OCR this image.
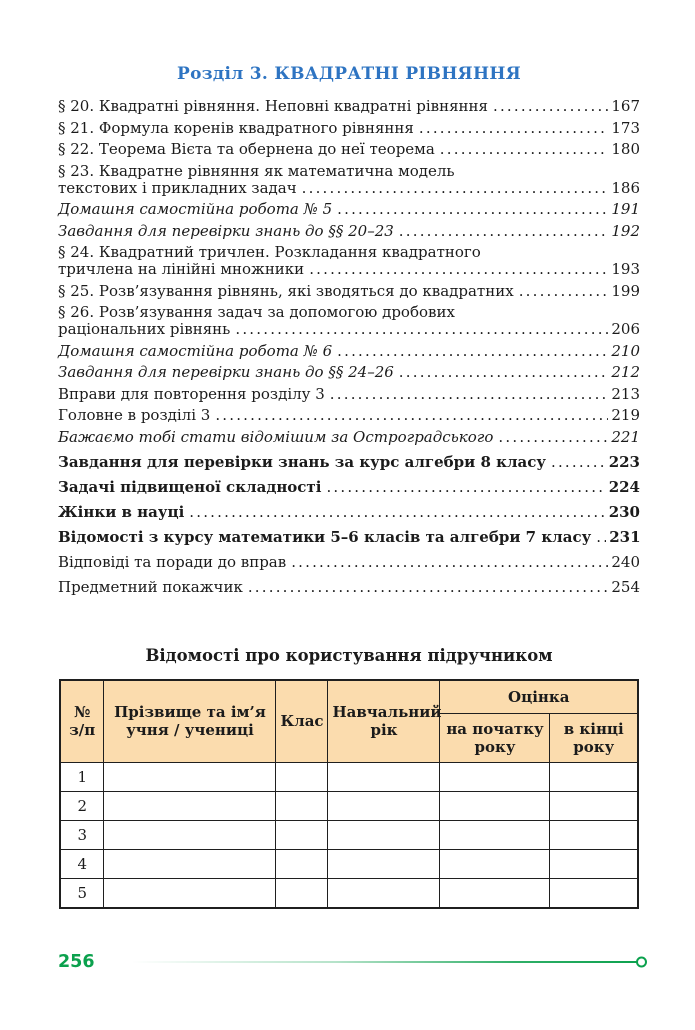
Розділ 3. КВАДРАТНІ РІВНЯННЯ
§ 20. Квадратні рівняння. Неповні квадратні рівняння .....	167
§ 21. Формула коренів квадратного рівняння .....	173
§ 22. Теорема Вієта та обернена до неї теорема .....	180
§ 23. Квадратне рівняння як математична модель
текстових і прикладних задач .....	186
Домашня самостійна робота № 5 .....	191
Завдання для перевірки знань до §§ 20–23 .....	192
§ 24. Квадратний тричлен. Розкладання квадратного
тричлена на лінійні множники .....	193
§ 25. Розв’язування рівнянь, які зводяться до квадратних .....	199
§ 26. Розв’язування задач за допомогою дробових
раціональних рівнянь .....	206
Домашня самостійна робота № 6 .....	210
Завдання для перевірки знань до §§ 24–26 .....	212
Вправи для повторення розділу 3 .....	213
Головне в розділі 3 .....	219
Бажаємо тобі стати відомішим за Остроградського .....	221
Завдання для перевірки знань за курс алгебри 8 класу .....	223
Задачі підвищеної складності .....	224
Жінки в науці .....	230
Відомості з курсу математики 5–6 класів та алгебри 7 класу ..... 231
Відповіді та поради до вправ .....	240
Предметний покажчик .....	254
Відомості про користування підручником
№ з/п	Прізвище та ім’я учня / учениці	Клас	Навчальний рік	Оцінка	
				на початку року	в кінці року
1					
2					
3					
4					
5					
256
